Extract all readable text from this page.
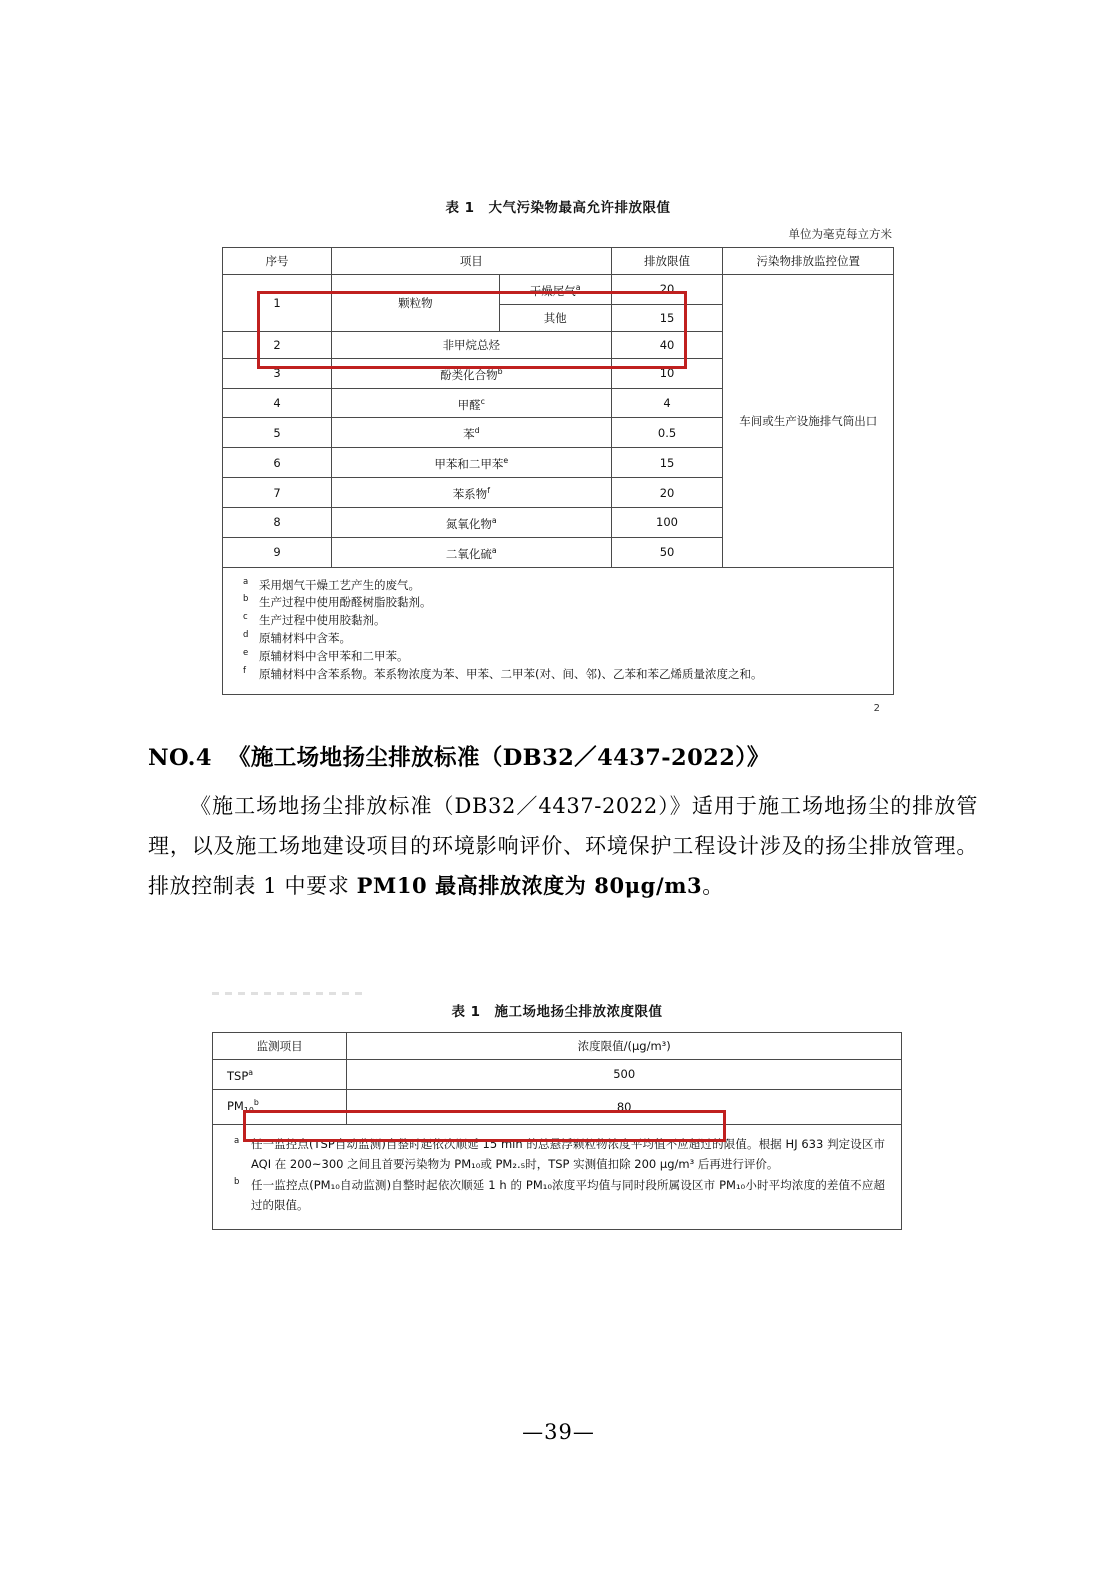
表 1 大气污染物最高允许排放限值
单位为毫克每立方米
序号	项目		排放限值	污染物排放监控位置
1	颗粒物	干燥尾气$^a$	20	车间或生产设施排气筒出口
		其他	15	
2	非甲烷总烃		40	
3	酚类化合物$^b$		10	
4	甲醛$^c$		4	
5	苯$^d$		0.5	
6	甲苯和二甲苯$^e$		15	
7	苯系物$^f$		20	
8	氮氧化物$^a$		100	
9	二氧化硫$^a$		50	
a 采用烟气干燥工艺产生的废气。
b 生产过程中使用酚醛树脂胶黏剂。
c 生产过程中使用胶黏剂。
d 原辅材料中含苯。
e 原辅材料中含甲苯和二甲苯。
f 原辅材料中含苯系物。苯系物浓度为苯、甲苯、二甲苯(对、间、邻)、乙苯和苯乙烯质量浓度之和。
2
NO.4 《施工场地扬尘排放标准（DB32／4437-2022）》
《施工场地扬尘排放标准（DB32／4437-2022）》适用于施工场地扬尘的排放管理，以及施工场地建设项目的环境影响评价、环境保护工程设计涉及的扬尘排放管理。排放控制表 1 中要求 PM10 最高排放浓度为 80μg/m3。
表 1 施工场地扬尘排放浓度限值
监测项目	浓度限值/(μg/m³)
TSP$^a$	500
$PM_{10}^b$	80
a 任一监控点(TSP自动监测)自整时起依次顺延 15 min 的总悬浮颗粒物浓度平均值不应超过的限值。根据 HJ 633 判定设区市 AQI 在 200~300 之间且首要污染物为 PM₁₀或 PM₂.₅时，TSP 实测值扣除 200 μg/m³ 后再进行评价。
b 任一监控点(PM₁₀自动监测)自整时起依次顺延 1 h 的 PM₁₀浓度平均值与同时段所属设区市 PM₁₀小时平均浓度的差值不应超过的限值。
—39—
